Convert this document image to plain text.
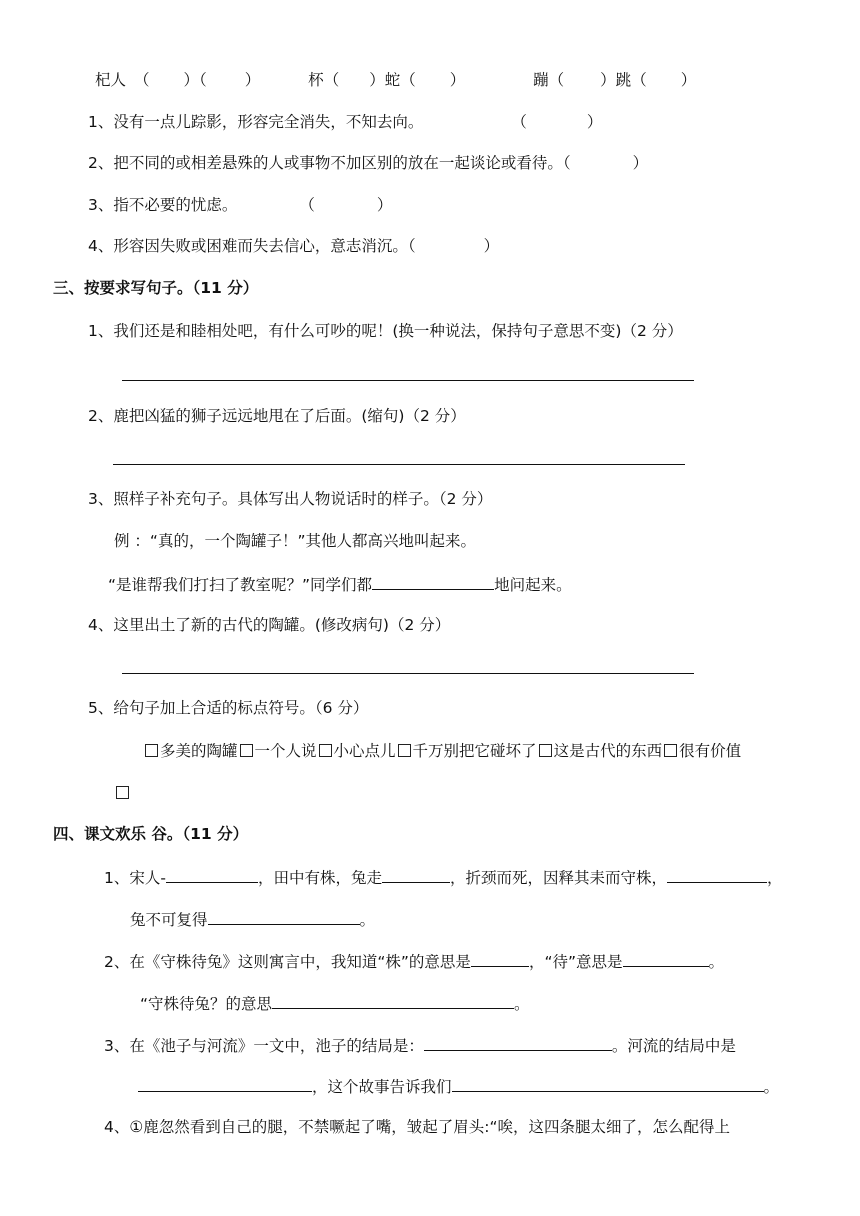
杞人 （ ）（ ）	杯（ ）蛇（ ）	蹦（ ）跳（ ）
1、没有一点儿踪影，形容完全消失，不知去向。	（	）
2、把不同的或相差悬殊的人或事物不加区别的放在一起谈论或看待。（	）
3、指不必要的忧虑。	（	）
4、形容因失败或困难而失去信心，意志消沉。（	）
三、按要求写句子。（11 分）
1、我们还是和睦相处吧，有什么可吵的呢！(换一种说法，保持句子意思不变)（2 分）
2、鹿把凶猛的狮子远远地甩在了后面。(缩句)（2 分）
3、照样子补充句子。具体写出人物说话时的样子。（2 分）
例 ：“真的，一个陶罐子！”其他人都高兴地叫起来。
“是谁帮我们打扫了教室呢？”同学们都	地问起来。
4、这里出土了新的古代的陶罐。(修改病句)（2 分）
5、给句子加上合适的标点符号。（6 分）
多美的陶罐 一个人说 小心点儿 千万别把它碰坏了 这是古代的东西 很有价值
四、课文欢乐 谷。（11 分）
1、宋人-	，田中有株，兔走	，折颈而死，因释其耒而守株，	，
兔不可复得	。
2、在《守株待兔》这则寓言中，我知道“株”的意思是	，“待”意思是	。
“守株待兔？的意思	。
3、在《池子与河流》一文中，池子的结局是：	。河流的结局中是
，这个故事告诉我们	。
4、①鹿忽然看到自己的腿，不禁噘起了嘴，皱起了眉头:“唉，这四条腿太细了，怎么配得上
